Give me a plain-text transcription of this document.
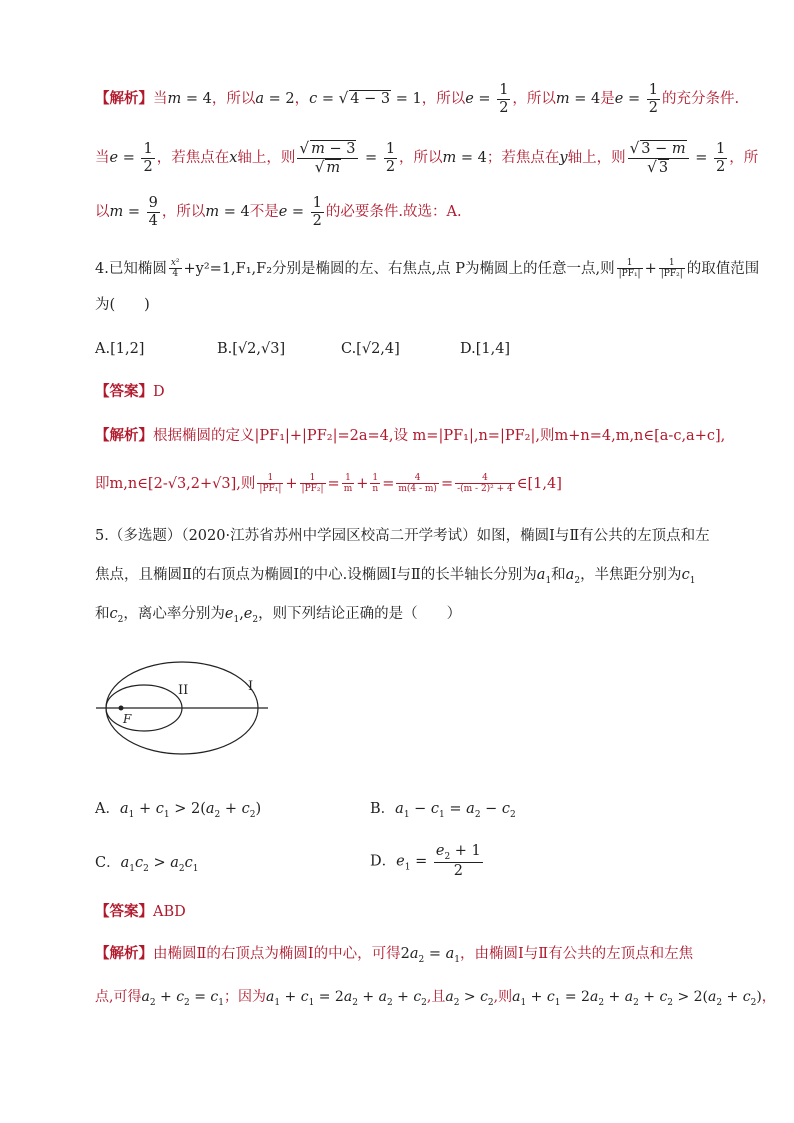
【解析】当m = 4，所以a = 2，c = √ 4 − 3 = 1，所以$e = \frac{1}{2}$ ，所以m = 4是$e = \frac{1}{2}$ 的充分条件.
当$e = \frac{1}{2}$ ，若焦点在x轴上，则 $\frac{√ m - 3}{√ m} = \frac{1}{2}$ ，所以m = 4；若焦点在y轴上，则 $\frac{√ 3 - m}{√ 3} = \frac{1}{2}$ ，所
以$m = \frac{9}{4}$ ，所以m = 4不是$e = \frac{1}{2}$ 的必要条件.故选：A.
4.已知椭圆 $\frac{\text{x²}}{4} +y^2=1,F_1,F_2$分别是椭圆的左、右焦点,点 P为椭圆上的任意一点,则 $\frac{1}{\text{|PF₁|}} + \frac{1}{\text{|PF₂|}}$ 的取值范围
为(　　)
A.[1,2]	B.[√2,√3]	C.[√2,4]	D.[1,4]
【答案】D
【解析】根据椭圆的定义|PF₁|+|PF₂|=2a=4,设 m=|PF₁|,n=|PF₂|,则m+n=4,m,n∈[a-c,a+c],
即m,n∈[2-√3,2+√3],则 $\frac{1}{\text{|PF₁|}} + \frac{1}{\text{|PF₂|}} = \frac{1}{m} + \frac{1}{n} = \frac{4}{m(4 - m)} = \frac{4}{\text{-(m - 2)² + 4}}$ ∈[1,4]
5.（多选题）（2020·江苏省苏州中学园区校高二开学考试）如图，椭圆Ⅰ与Ⅱ有公共的左顶点和左
焦点，且椭圆Ⅱ的右顶点为椭圆Ⅰ的中心.设椭圆Ⅰ与Ⅱ的长半轴长分别为$a_1$和$a_2$，半焦距分别为$c_1$
和$c_2$，离心率分别为$e_1,e_2$，则下列结论正确的是（　　）
I
II
F
A．$a_1 + c_1 > 2(a_2 + c_2)$	B．$a_1 - c_1 = a_2 - c_2$
C．$a_1c_2 > a_2c_1$	D．$e_1 = \frac{e_2 + 1}{2}$
【答案】ABD
【解析】由椭圆Ⅱ的右顶点为椭圆Ⅰ的中心，可得$2a_2 = a_1$，由椭圆Ⅰ与Ⅱ有公共的左顶点和左焦
点,可得$a_2 + c_2 = c_1$；因为$a_1 + c_1 = 2a_2 + a_2 + c_2$,且$a_2 > c_2$,则$a_1 + c_1 = 2a_2 + a_2 + c_2 > 2(a_2 + c_2)$，
